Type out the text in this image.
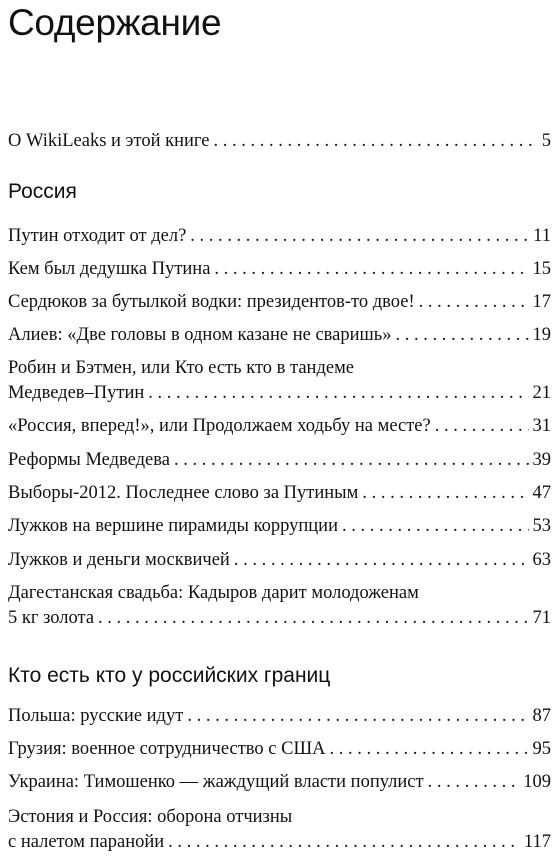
Содержание
О WikiLeaks и этой книге . . .	5
Россия
Путин отходит от дел? . . .	11
Кем был дедушка Путина . . .	15
Сердюков за бутылкой водки: президентов-то двое! . . .	17
Алиев: «Две головы в одном казане не сваришь» . . .	19
Робин и Бэтмен, или Кто есть кто в тандеме
Медведев–Путин . . .	21
«Россия, вперед!», или Продолжаем ходьбу на месте? . . .	31
Реформы Медведева . . .	39
Выборы-2012. Последнее слово за Путиным . . .	47
Лужков на вершине пирамиды коррупции . . .	53
Лужков и деньги москвичей . . .	63
Дагестанская свадьба: Кадыров дарит молодоженам
5 кг золота . . .	71
Кто есть кто у российских границ
Польша: русские идут . . .	87
Грузия: военное сотрудничество с США . . .	95
Украина: Тимошенко — жаждущий власти популист . . .	109
Эстония и Россия: оборона отчизны
с налетом паранойи . . .	117
